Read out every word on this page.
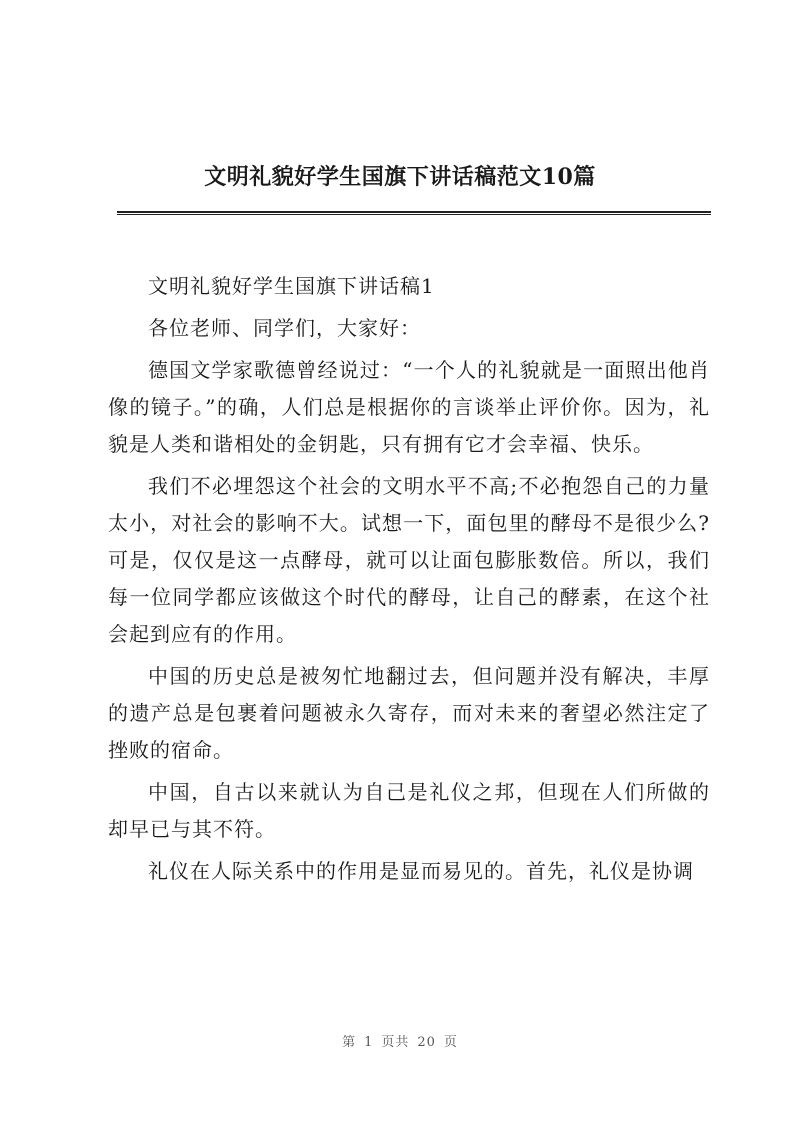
文明礼貌好学生国旗下讲话稿范文10篇

文明礼貌好学生国旗下讲话稿1

各位老师、同学们，大家好：

德国文学家歌德曾经说过：“一个人的礼貌就是一面照出他肖像的镜子。”的确，人们总是根据你的言谈举止评价你。因为，礼貌是人类和谐相处的金钥匙，只有拥有它才会幸福、快乐。

我们不必埋怨这个社会的文明水平不高;不必抱怨自己的力量太小，对社会的影响不大。试想一下，面包里的酵母不是很少么?可是，仅仅是这一点酵母，就可以让面包膨胀数倍。所以，我们每一位同学都应该做这个时代的酵母，让自己的酵素，在这个社会起到应有的作用。

中国的历史总是被匆忙地翻过去，但问题并没有解决，丰厚的遗产总是包裹着问题被永久寄存，而对未来的奢望必然注定了挫败的宿命。

中国，自古以来就认为自己是礼仪之邦，但现在人们所做的却早已与其不符。

礼仪在人际关系中的作用是显而易见的。首先，礼仪是协调

第 1 页共 20 页
